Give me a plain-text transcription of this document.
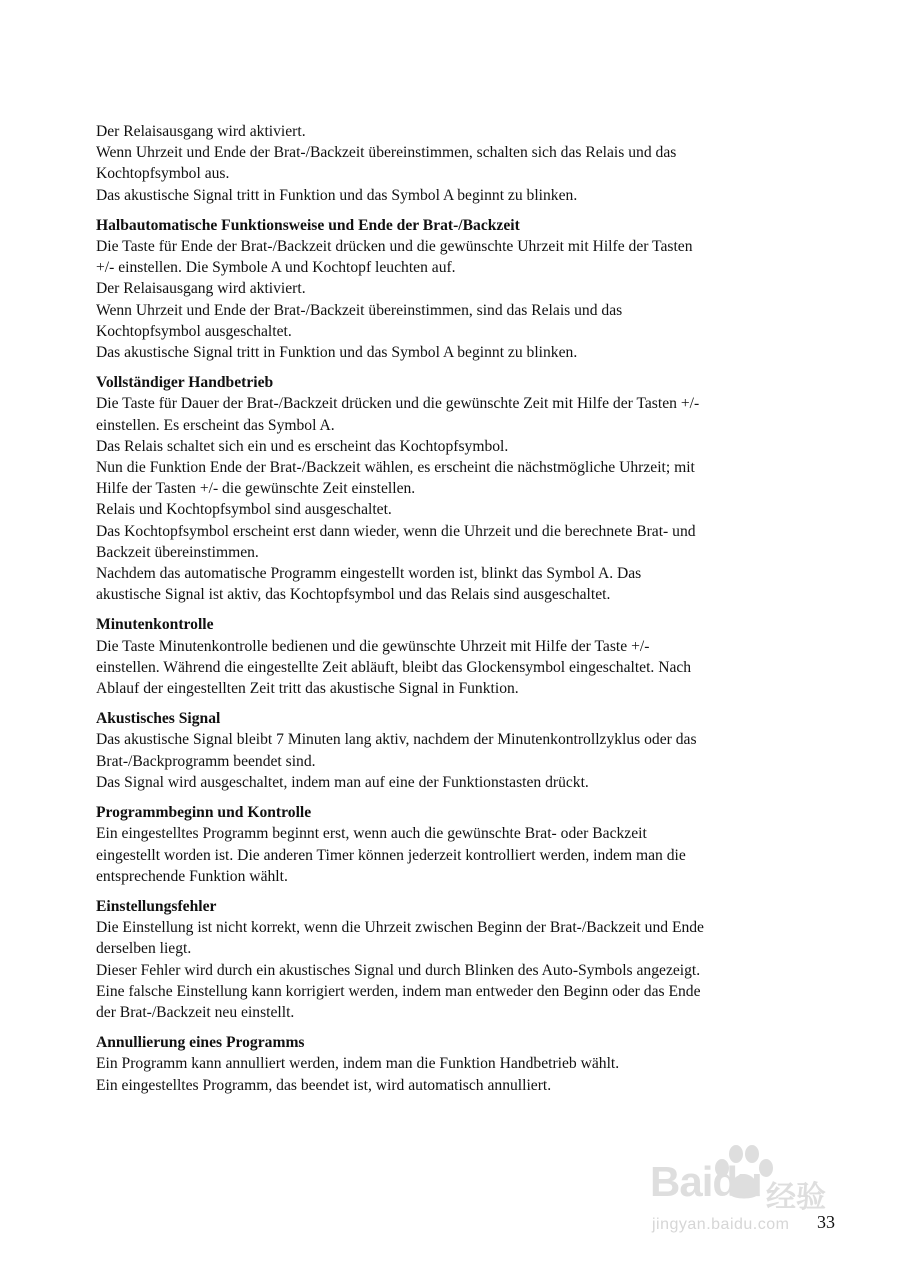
Der Relaisausgang wird aktiviert.
Wenn Uhrzeit und Ende der Brat-/Backzeit übereinstimmen, schalten sich das Relais und das
Kochtopfsymbol aus.
Das akustische Signal tritt in Funktion und das Symbol A beginnt zu blinken.
Halbautomatische Funktionsweise und Ende der Brat-/Backzeit
Die Taste für Ende der Brat-/Backzeit drücken und die gewünschte Uhrzeit mit Hilfe der Tasten
+/- einstellen. Die Symbole A und Kochtopf leuchten auf.
Der Relaisausgang wird aktiviert.
Wenn Uhrzeit und Ende der Brat-/Backzeit übereinstimmen, sind das Relais und das
Kochtopfsymbol ausgeschaltet.
Das akustische Signal tritt in Funktion und das Symbol A beginnt zu blinken.
Vollständiger Handbetrieb
Die Taste für Dauer der Brat-/Backzeit drücken und die gewünschte Zeit mit Hilfe der Tasten +/-
einstellen. Es erscheint das Symbol A.
Das Relais schaltet sich ein und es erscheint das Kochtopfsymbol.
Nun die Funktion Ende der Brat-/Backzeit wählen, es erscheint die nächstmögliche Uhrzeit; mit
Hilfe der Tasten +/- die gewünschte Zeit einstellen.
Relais und Kochtopfsymbol sind ausgeschaltet.
Das Kochtopfsymbol erscheint erst dann wieder, wenn die Uhrzeit und die berechnete Brat- und
Backzeit übereinstimmen.
Nachdem das automatische Programm eingestellt worden ist, blinkt das Symbol A. Das
akustische Signal ist aktiv, das Kochtopfsymbol und das Relais sind ausgeschaltet.
Minutenkontrolle
Die Taste Minutenkontrolle bedienen und die gewünschte Uhrzeit mit Hilfe der Taste +/-
einstellen. Während die eingestellte Zeit abläuft, bleibt das Glockensymbol eingeschaltet. Nach
Ablauf der eingestellten Zeit tritt das akustische Signal in Funktion.
Akustisches Signal
Das akustische Signal bleibt 7 Minuten lang aktiv, nachdem der Minutenkontrollzyklus oder das
Brat-/Backprogramm beendet sind.
Das Signal wird ausgeschaltet, indem man auf eine der Funktionstasten drückt.
Programmbeginn und Kontrolle
Ein eingestelltes Programm beginnt erst, wenn auch die gewünschte Brat- oder Backzeit
eingestellt worden ist. Die anderen Timer können jederzeit kontrolliert werden, indem man die
entsprechende Funktion wählt.
Einstellungsfehler
Die Einstellung ist nicht korrekt, wenn die Uhrzeit zwischen Beginn der Brat-/Backzeit und Ende
derselben liegt.
Dieser Fehler wird durch ein akustisches Signal und durch Blinken des Auto-Symbols angezeigt.
Eine falsche Einstellung kann korrigiert werden, indem man entweder den Beginn oder das Ende
der Brat-/Backzeit neu einstellt.
Annullierung eines Programms
Ein Programm kann annulliert werden, indem man die Funktion Handbetrieb wählt.
Ein eingestelltes Programm, das beendet ist, wird automatisch annulliert.
Baidu 经验
jingyan.baidu.com 33
